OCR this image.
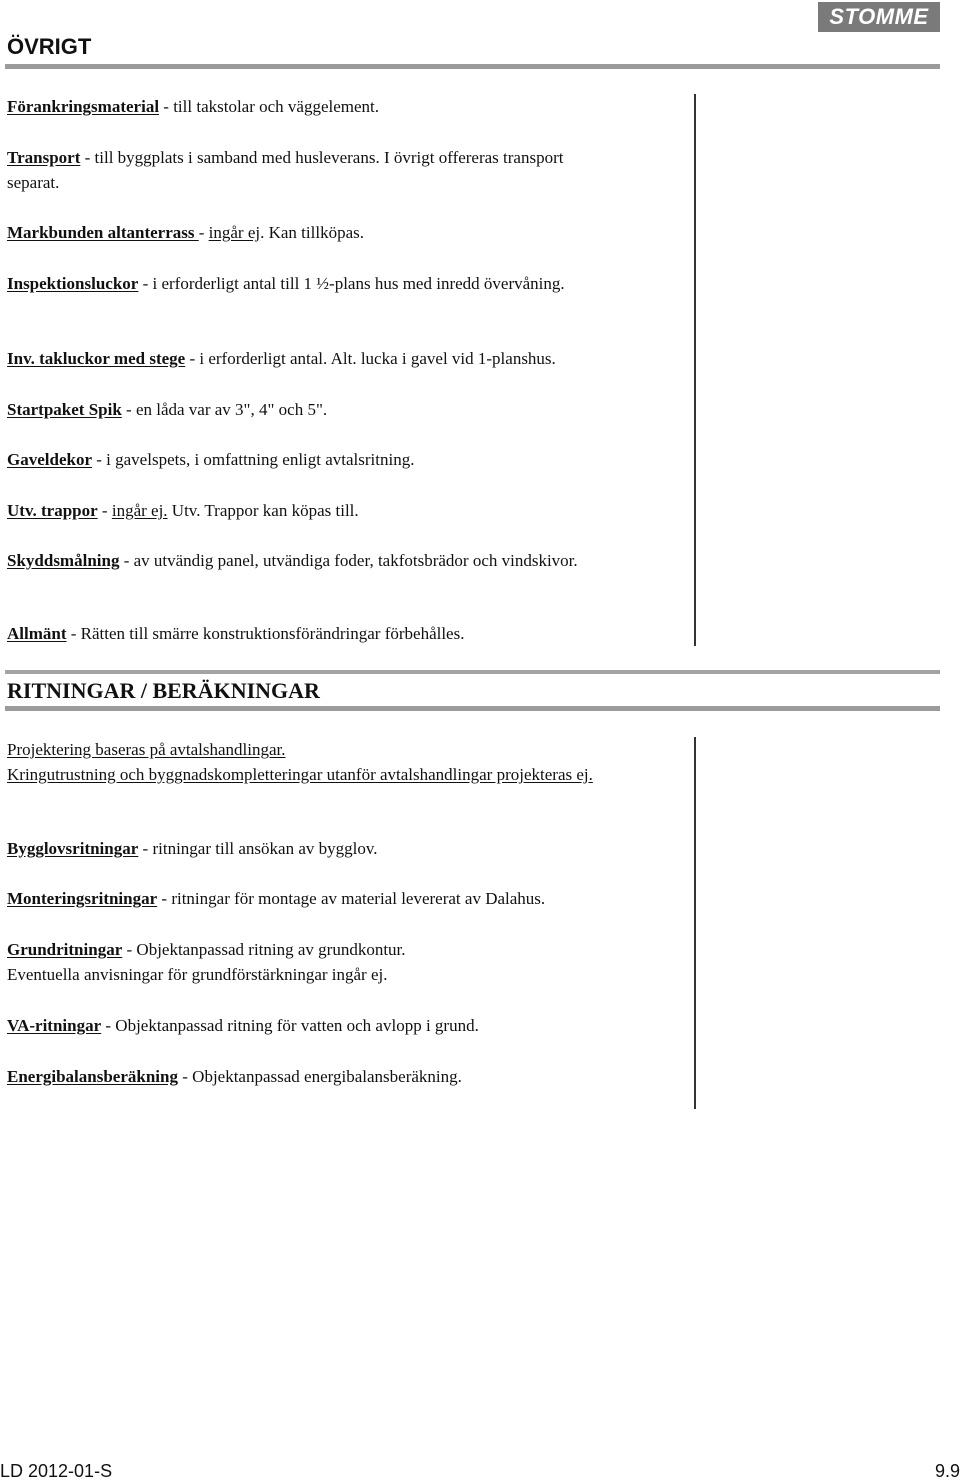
STOMME
ÖVRIGT

Förankringsmaterial - till takstolar och väggelement.

Transport - till byggplats i samband med husleverans. I övrigt offereras transport separat.

Markbunden altanterrass - ingår ej. Kan tillköpas.

Inspektionsluckor - i erforderligt antal till 1 ½-plans hus med inredd övervåning.

Inv. takluckor med stege - i erforderligt antal. Alt. lucka i gavel vid 1-planshus.

Startpaket Spik - en låda var av 3", 4" och 5".

Gaveldekor - i gavelspets, i omfattning enligt avtalsritning.

Utv. trappor - ingår ej. Utv. Trappor kan köpas till.

Skyddsmålning - av utvändig panel, utvändiga foder, takfotsbrädor och vindskivor.

Allmänt - Rätten till smärre konstruktionsförändringar förbehålles.

RITNINGAR / BERÄKNINGAR

Projektering baseras på avtalshandlingar.
Kringutrustning och byggnadskompletteringar utanför avtalshandlingar projekteras ej.

Bygglovsritningar - ritningar till ansökan av bygglov.

Monteringsritningar - ritningar för montage av material levererat av Dalahus.

Grundritningar - Objektanpassad ritning av grundkontur.
Eventuella anvisningar för grundförstärkningar ingår ej.

VA-ritningar - Objektanpassad ritning för vatten och avlopp i grund.

Energibalansberäkning - Objektanpassad energibalansberäkning.

LD 2012-01-S	9.9
